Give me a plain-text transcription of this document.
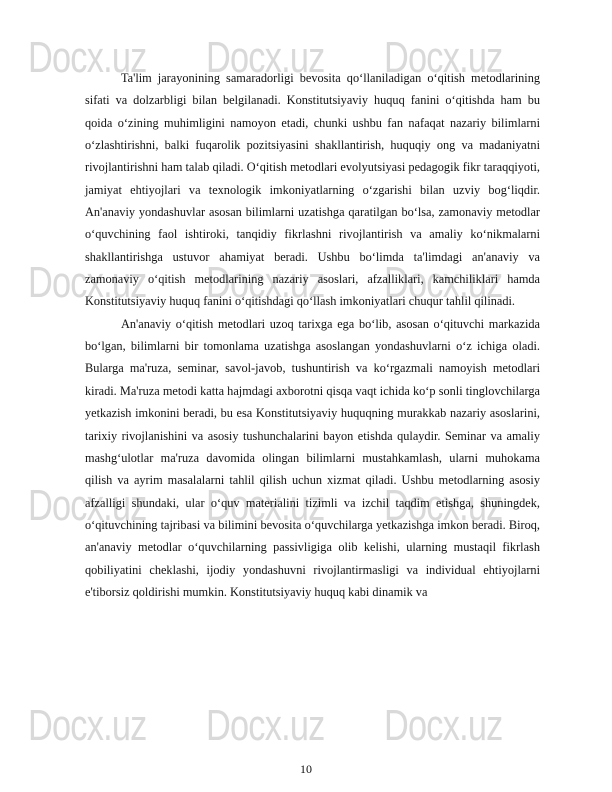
Docx.uz Docx.uz Docx.uz
Docx.uz Docx.uz Docx.uz
Docx.uz Docx.uz Docx.uz
Docx.uz Docx.uz Docx.uz

Ta'lim jarayonining samaradorligi bevosita qo‘llaniladigan o‘qitish metodlarining sifati va dolzarbligi bilan belgilanadi. Konstitutsiyaviy huquq fanini o‘qitishda ham bu qoida o‘zining muhimligini namoyon etadi, chunki ushbu fan nafaqat nazariy bilimlarni o‘zlashtirishni, balki fuqarolik pozitsiyasini shakllantirish, huquqiy ong va madaniyatni rivojlantirishni ham talab qiladi. O‘qitish metodlari evolyutsiyasi pedagogik fikr taraqqiyoti, jamiyat ehtiyojlari va texnologik imkoniyatlarning o‘zgarishi bilan uzviy bog‘liqdir. An'anaviy yondashuvlar asosan bilimlarni uzatishga qaratilgan bo‘lsa, zamonaviy metodlar o‘quvchining faol ishtiroki, tanqidiy fikrlashni rivojlantirish va amaliy ko‘nikmalarni shakllantirishga ustuvor ahamiyat beradi. Ushbu bo‘limda ta'limdagi an'anaviy va zamonaviy o‘qitish metodlarining nazariy asoslari, afzalliklari, kamchiliklari hamda Konstitutsiyaviy huquq fanini o‘qitishdagi qo‘llash imkoniyatlari chuqur tahlil qilinadi.

An'anaviy o‘qitish metodlari uzoq tarixga ega bo‘lib, asosan o‘qituvchi markazida bo‘lgan, bilimlarni bir tomonlama uzatishga asoslangan yondashuvlarni o‘z ichiga oladi. Bularga ma'ruza, seminar, savol-javob, tushuntirish va ko‘rgazmali namoyish metodlari kiradi. Ma'ruza metodi katta hajmdagi axborotni qisqa vaqt ichida ko‘p sonli tinglovchilarga yetkazish imkonini beradi, bu esa Konstitutsiyaviy huquqning murakkab nazariy asoslarini, tarixiy rivojlanishini va asosiy tushunchalarini bayon etishda qulaydir. Seminar va amaliy mashg‘ulotlar ma'ruza davomida olingan bilimlarni mustahkamlash, ularni muhokama qilish va ayrim masalalarni tahlil qilish uchun xizmat qiladi. Ushbu metodlarning asosiy afzalligi shundaki, ular o‘quv materialini tizimli va izchil taqdim etishga, shuningdek, o‘qituvchining tajribasi va bilimini bevosita o‘quvchilarga yetkazishga imkon beradi. Biroq, an'anaviy metodlar o‘quvchilarning passivligiga olib kelishi, ularning mustaqil fikrlash qobiliyatini cheklashi, ijodiy yondashuvni rivojlantirmasligi va individual ehtiyojlarni e'tiborsiz qoldirishi mumkin. Konstitutsiyaviy huquq kabi dinamik va

10
